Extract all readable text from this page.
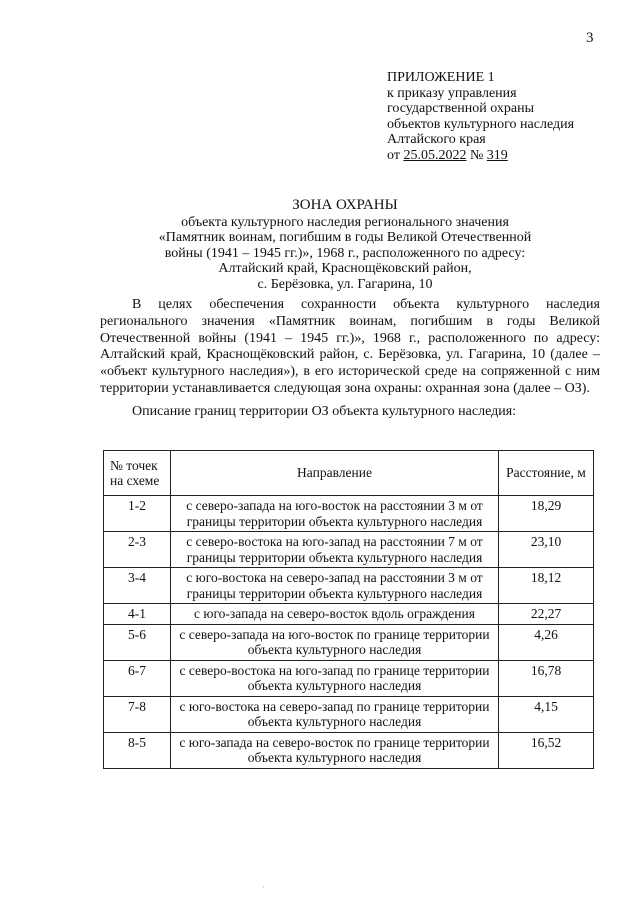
3
ПРИЛОЖЕНИЕ 1
к приказу управления
государственной охраны
объектов культурного наследия
Алтайского края
от 25.05.2022 № 319
ЗОНА ОХРАНЫ
объекта культурного наследия регионального значения
«Памятник воинам, погибшим в годы Великой Отечественной
войны (1941 – 1945 гг.)», 1968 г., расположенного по адресу:
Алтайский край, Краснощёковский район,
с. Берёзовка, ул. Гагарина, 10

В целях обеспечения сохранности объекта культурного наследия регионального значения «Памятник воинам, погибшим в годы Великой Отечественной войны (1941 – 1945 гг.)», 1968 г., расположенного по адресу: Алтайский край, Краснощёковский район, с. Берёзовка, ул. Гагарина, 10 (далее – «объект культурного наследия»), в его исторической среде на сопряженной с ним территории устанавливается следующая зона охраны: охранная зона (далее – ОЗ).

Описание границ территории ОЗ объекта культурного наследия:

№ точек на схеме	Направление	Расстояние, м
1-2	с северо-запада на юго-восток на расстоянии 3 м от границы территории объекта культурного наследия	18,29
2-3	с северо-востока на юго-запад на расстоянии 7 м от границы территории объекта культурного наследия	23,10
3-4	с юго-востока на северо-запад на расстоянии 3 м от границы территории объекта культурного наследия	18,12
4-1	с юго-запада на северо-восток вдоль ограждения	22,27
5-6	с северо-запада на юго-восток по границе территории объекта культурного наследия	4,26
6-7	с северо-востока на юго-запад по границе территории объекта культурного наследия	16,78
7-8	с юго-востока на северо-запад по границе территории объекта культурного наследия	4,15
8-5	с юго-запада на северо-восток по границе территории объекта культурного наследия	16,52
·
